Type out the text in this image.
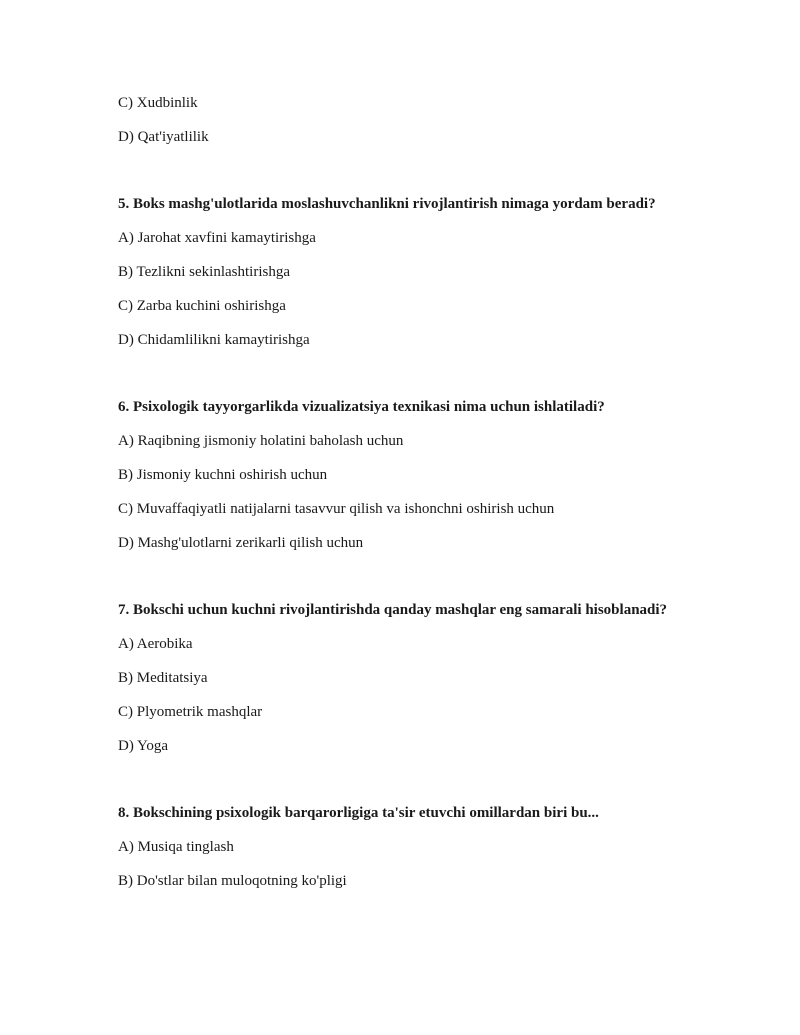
C) Xudbinlik
D) Qat'iyatlilik
5. Boks mashg'ulotlarida moslashuvchanlikni rivojlantirish nimaga yordam beradi?
A) Jarohat xavfini kamaytirishga
B) Tezlikni sekinlashtirishga
C) Zarba kuchini oshirishga
D) Chidamlilikni kamaytirishga
6. Psixologik tayyorgarlikda vizualizatsiya texnikasi nima uchun ishlatiladi?
A) Raqibning jismoniy holatini baholash uchun
B) Jismoniy kuchni oshirish uchun
C) Muvaffaqiyatli natijalarni tasavvur qilish va ishonchni oshirish uchun
D) Mashg'ulotlarni zerikarli qilish uchun
7. Bokschi uchun kuchni rivojlantirishda qanday mashqlar eng samarali hisoblanadi?
A) Aerobika
B) Meditatsiya
C) Plyometrik mashqlar
D) Yoga
8. Bokschining psixologik barqarorligiga ta'sir etuvchi omillardan biri bu...
A) Musiqa tinglash
B) Do'stlar bilan muloqotning ko'pligi
